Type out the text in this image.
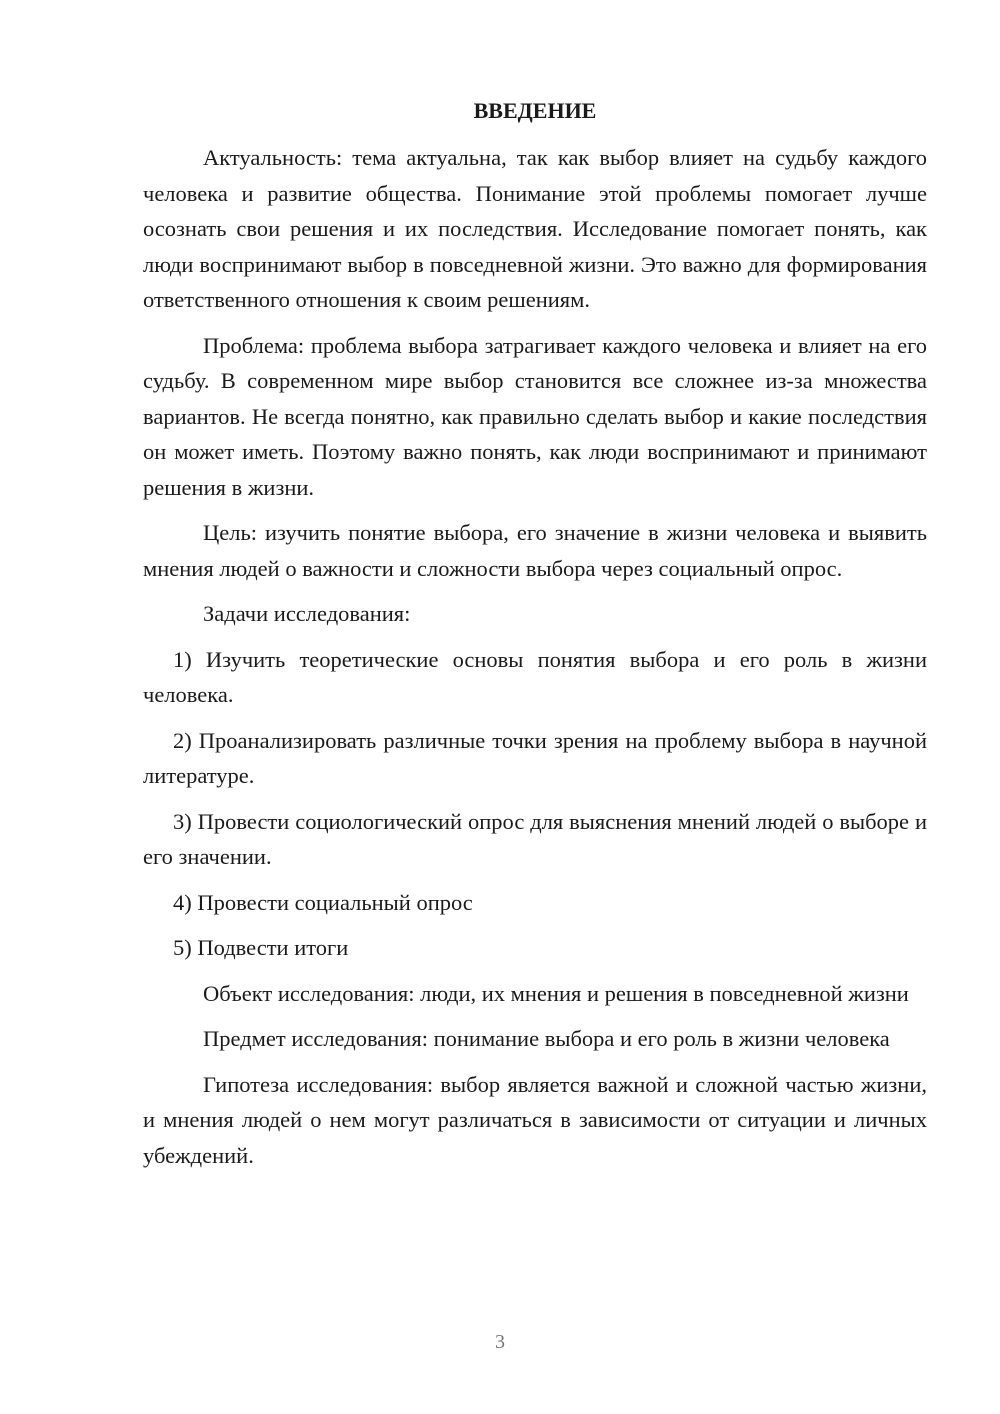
ВВЕДЕНИЕ

Актуальность: тема актуальна, так как выбор влияет на судьбу каждого человека и развитие общества. Понимание этой проблемы помогает лучше осознать свои решения и их последствия. Исследование помогает понять, как люди воспринимают выбор в повседневной жизни. Это важно для формирования ответственного отношения к своим решениям.

Проблема: проблема выбора затрагивает каждого человека и влияет на его судьбу. В современном мире выбор становится все сложнее из-за множества вариантов. Не всегда понятно, как правильно сделать выбор и какие последствия он может иметь. Поэтому важно понять, как люди воспринимают и принимают решения в жизни.

Цель: изучить понятие выбора, его значение в жизни человека и выявить мнения людей о важности и сложности выбора через социальный опрос.

Задачи исследования:

1) Изучить теоретические основы понятия выбора и его роль в жизни человека.

2) Проанализировать различные точки зрения на проблему выбора в научной литературе.

3) Провести социологический опрос для выяснения мнений людей о выборе и его значении.

4) Провести социальный опрос

5) Подвести итоги

Объект исследования: люди, их мнения и решения в повседневной жизни

Предмет исследования: понимание выбора и его роль в жизни человека

Гипотеза исследования: выбор является важной и сложной частью жизни, и мнения людей о нем могут различаться в зависимости от ситуации и личных убеждений.

3
